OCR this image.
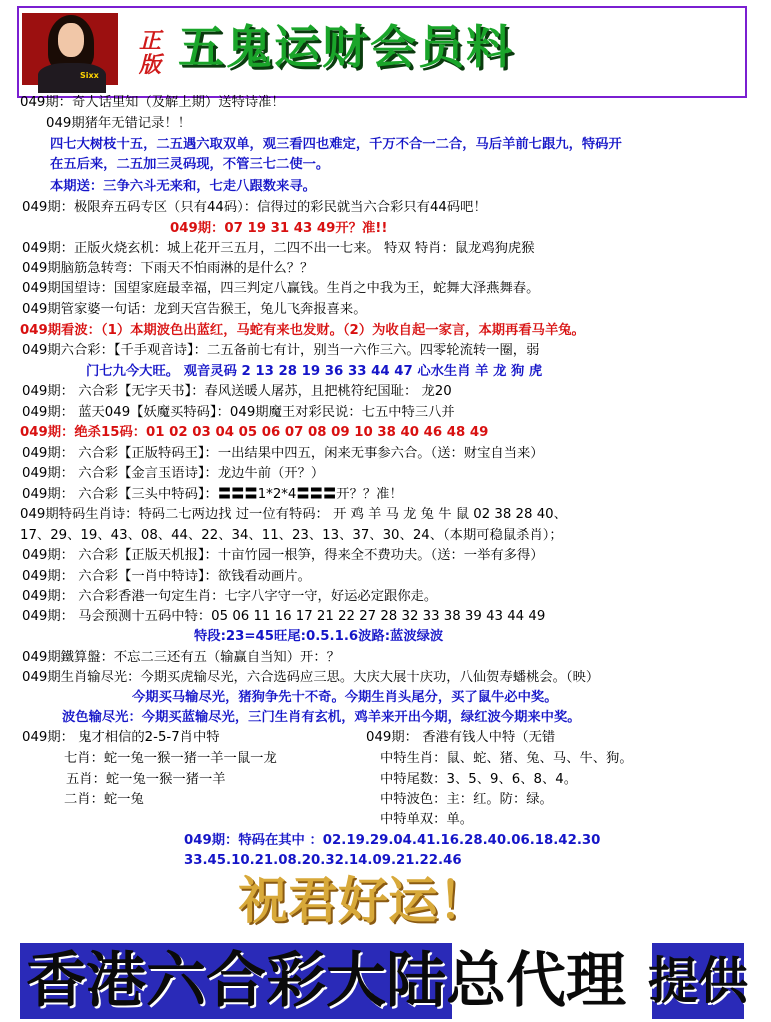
Sixx
正版 五鬼运财会员料
049期：奇人话里知（及解上期）送特诗准！
049期猪年无错记录！！
四七大树枝十五，二五遇六取双单，观三看四也难定，千万不合一二合，马后羊前七跟九，特码开
在五后来，二五加三灵码现，不管三七二使一。
本期送：三争六斗无来和，七走八跟数来寻。
049期：极限弃五码专区（只有44码）：信得过的彩民就当六合彩只有44码吧！
049期：07 19 31 43 49开？准!!
049期：正版火烧玄机：城上花开三五月，二四不出一七来。 特双 特肖：鼠龙鸡狗虎猴
049期脑筋急转弯：下雨天不怕雨淋的是什么？？
049期国望诗：国望家庭最幸福，四三判定八赢钱。生肖之中我为王，蛇舞大泽燕舞春。
049期管家婆一句话：龙到天宫告猴王，兔儿飞奔报喜来。
049期看波：（1）本期波色出蓝红，马蛇有来也发财。（2）为收自起一家言，本期再看马羊兔。
049期六合彩：【千手观音诗】：二五备前七有计，别当一六作三六。四零轮流转一圈，弱
门七九今大旺。 观音灵码 2 13 28 19 36 33 44 47 心水生肖 羊 龙 狗 虎
049期： 六合彩【无字天书】：春风送暖人屠苏，且把桃符纪国耻： 龙20
049期： 蓝天049【妖魔买特码】：049期魔王对彩民说：七五中特三八并
049期：绝杀15码：01 02 03 04 05 06 07 08 09 10 38 40 46 48 49
049期： 六合彩【正版特码王】：一出结果中四五，闲来无事参六合。（送：财宝自当来）
049期： 六合彩【金言玉语诗】：龙边牛前（开？）
049期： 六合彩【三头中特码】：〓〓〓1*2*4〓〓〓开？？准！
049期特码生肖诗：特码二七两边找 过一位有特码： 开 鸡 羊 马 龙 兔 牛 鼠 02 38 28 40、
17、29、19、43、08、44、22、34、11、23、13、37、30、24、（本期可稳鼠杀肖）；
049期： 六合彩【正版天机报】：十亩竹园一根笋，得来全不费功夫。（送：一举有多得）
049期： 六合彩【一肖中特诗】：欲钱看动画片。
049期： 六合彩香港一句定生肖：七字八字守一守，好运必定跟你走。
049期： 马会预测十五码中特：05 06 11 16 17 21 22 27 28 32 33 38 39 43 44 49
特段:23=45旺尾:0.5.1.6波路:蓝波绿波
049期鐵算盤：不忘二三还有五（输赢自当知）开：？
049期生肖输尽光：今期买虎输尽光，六合选码应三思。大庆大展十庆功，八仙贺寿蟠桃会。（映）
今期买马输尽光，猪狗争先十不奇。今期生肖头尾分，买了鼠牛必中奖。
波色输尽光：今期买蓝输尽光，三门生肖有玄机，鸡羊来开出今期，绿红波今期来中奖。
049期： 鬼才相信的2-5-7肖中特
七肖：蛇一兔一猴一猪一羊一鼠一龙
五肖：蛇一兔一猴一猪一羊
二肖：蛇一兔
049期： 香港有钱人中特（无错
中特生肖：鼠、蛇、猪、兔、马、牛、狗。
中特尾数：3、5、9、6、8、4。
中特波色：主：红。防：绿。
中特单双：单。
049期：特码在其中 ：02.19.29.04.41.16.28.40.06.18.42.30
33.45.10.21.08.20.32.14.09.21.22.46
祝君好运！
香港六合彩大陆总代理 提供
